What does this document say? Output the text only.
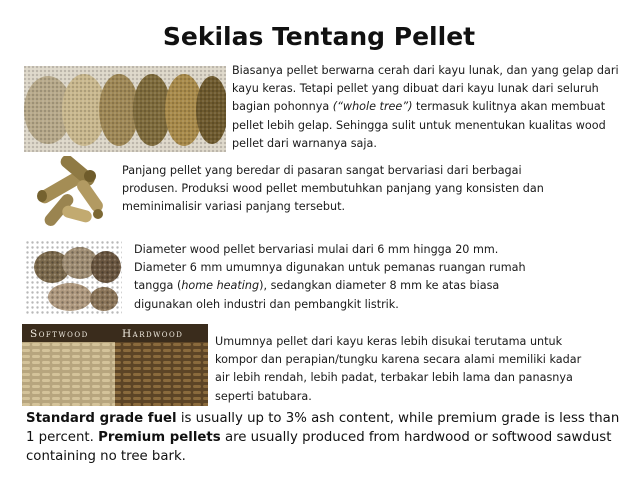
Sekilas Tentang Pellet
Biasanya pellet berwarna cerah dari kayu lunak, dan yang gelap dari kayu keras. Tetapi pellet yang dibuat dari kayu lunak dari seluruh bagian pohonnya (“whole tree”) termasuk kulitnya akan membuat pellet lebih gelap. Sehingga sulit untuk menentukan kualitas wood pellet dari warnanya saja.
Panjang pellet yang beredar di pasaran sangat bervariasi dari berbagai produsen. Produksi wood pellet membutuhkan panjang yang konsisten dan meminimalisir variasi panjang tersebut.
Diameter wood pellet bervariasi mulai dari 6 mm hingga 20 mm. Diameter 6 mm umumnya digunakan untuk pemanas ruangan rumah tangga (home heating), sedangkan diameter 8 mm ke atas biasa digunakan oleh industri dan pembangkit listrik.
Softwood	Hardwood
Umumnya pellet dari kayu keras lebih disukai terutama untuk kompor dan perapian/tungku karena secara alami memiliki kadar air lebih rendah, lebih padat, terbakar lebih lama dan panasnya seperti batubara.

Standard grade fuel is usually up to 3% ash content, while premium grade is less than 1 percent. Premium pellets are usually produced from hardwood or softwood sawdust containing no tree bark.
